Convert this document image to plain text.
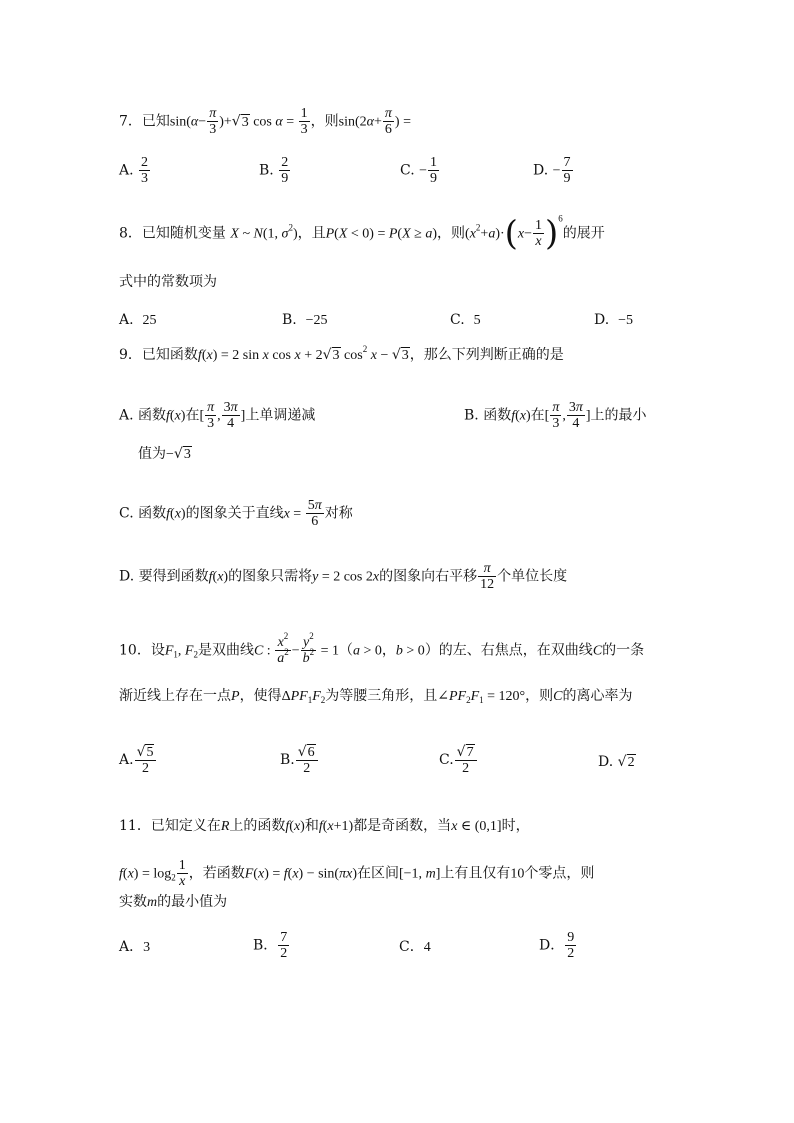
7．已知$\sin(\alpha- \frac{\pi}{3} )+√3$ $\cos \alpha = \frac{1}{3}$ ，则$\sin(2\alpha+ \frac{\pi}{6}$ ) =
A. $\frac{2}{3}$	B. $\frac{2}{9}$	C. − $\frac{1}{9}$	D. − $\frac{7}{9}$
8．已知随机变量 X ~ N(1, $\sigma^2$)，且P(X < 0) = P(X ≥ a)，则$(x^2+a)\cdot(x- \frac{1}{x} )^6$的展开
式中的常数项为
A. 25	B. −25	C. 5	D. −5
9．已知函数f(x) = 2 sin x cos x + 2√3 $\cos^2 x - √3$，那么下列判断正确的是
A. 函数f(x)在[ $\frac{\pi}{3}$ , $\frac{3\pi}{4}$ ]上单调递减	B. 函数f(x)在[ $\frac{\pi}{3}$ , $\frac{3\pi}{4}$ ]上的最小
值为−√3
C. 函数f(x)的图象关于直线$x = \frac{5\pi}{6}$ 对称
D. 要得到函数f(x)的图象只需将y = 2 cos 2x的图象向右平移 $\frac{\pi}{12}$ 个单位长度
10．设$F_1$, $F_2$是双曲线C : $\frac{x^2}{a^2} - \frac{y^2}{b^2} = 1(a > 0$，b > 0）的左、右焦点，在双曲线C的一条
渐近线上存在一点P，使得$\Delta PF_1F_2$为等腰三角形，且$\angle PF_2F_1 = 120^\circ$，则C的离心率为
A. $\frac{√5}{2}$	B. $\frac{√6}{2}$	C. $\frac{√7}{2}$	D. √2
11．已知定义在R上的函数f(x)和f(x+1)都是奇函数，当x ∈ (0,1]时，
$f(x) = \log_2 \frac{1}{x}$ ，若函数F(x) = f(x) − sin(πx)在区间[−1, m]上有且仅有10个零点，则
实数m的最小值为
A．3	B． $\frac{7}{2}$	C．4	D． $\frac{9}{2}$
